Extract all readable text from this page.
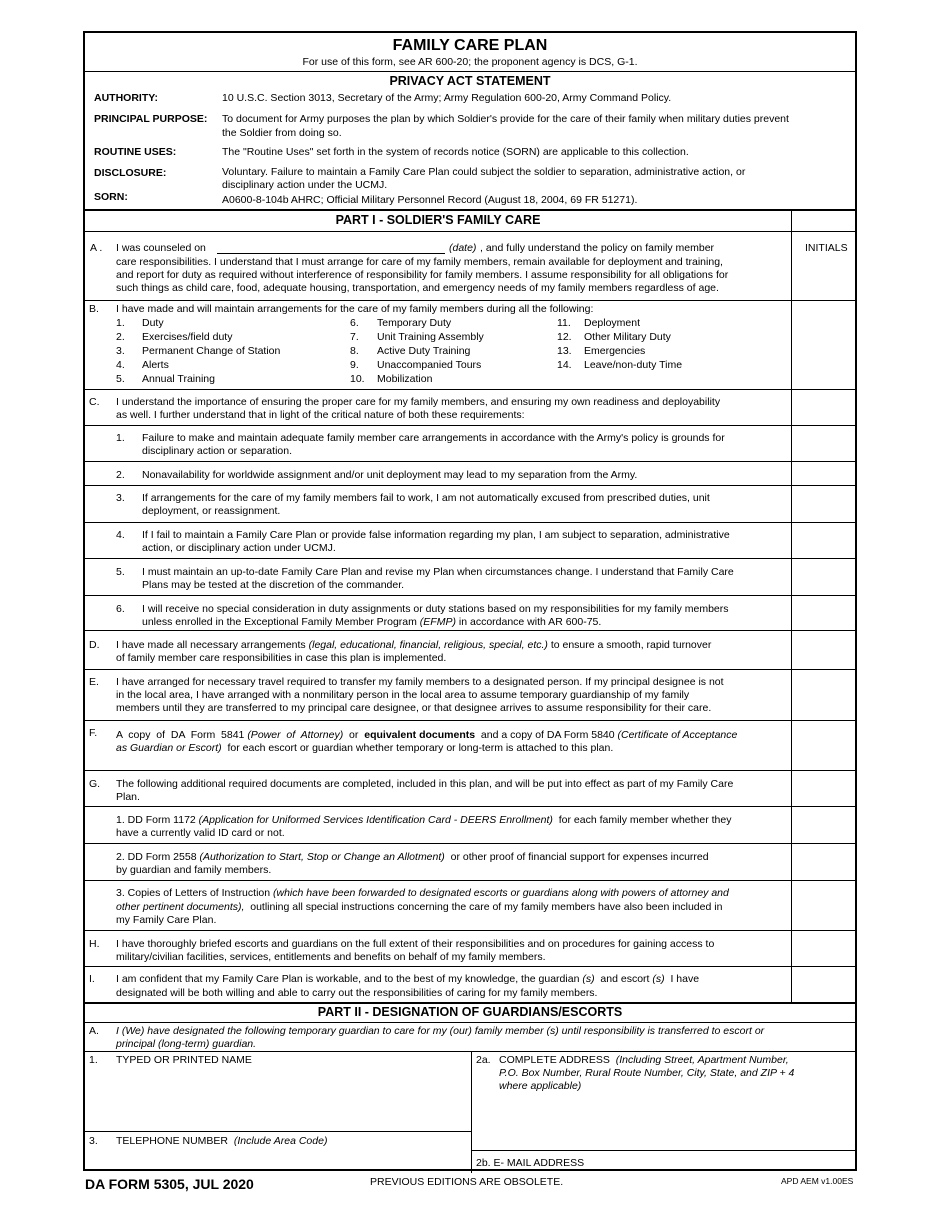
FAMILY CARE PLAN
For use of this form, see AR 600-20; the proponent agency is DCS, G-1.
PRIVACY ACT STATEMENT
AUTHORITY:	10 U.S.C. Section 3013, Secretary of the Army; Army Regulation 600-20, Army Command Policy.
PRINCIPAL PURPOSE: To document for Army purposes the plan by which Soldier's provide for the care of their family when military duties prevent
the Soldier from doing so.
ROUTINE USES:	The "Routine Uses" set forth in the system of records notice (SORN) are applicable to this collection.
DISCLOSURE:	Voluntary. Failure to maintain a Family Care Plan could subject the soldier to separation, administrative action, or
disciplinary action under the UCMJ.
SORN:	A0600-8-104b AHRC; Official Military Personnel Record (August 18, 2004, 69 FR 51271).
PART I - SOLDIER'S FAMILY CARE
A . I was counseled on	(date) , and fully understand the policy on family member
care responsibilities. I understand that I must arrange for care of my family members, remain available for deployment and training,
and report for duty as required without interference of responsibility for family members. I assume responsibility for all obligations for
such things as child care, food, adequate housing, transportation, and emergency needs of my family members regardless of age.
INITIALS
B. I have made and will maintain arrangements for the care of my family members during all the following:
1. Duty
2. Exercises/field duty
3. Permanent Change of Station
4. Alerts
5. Annual Training
6. Temporary Duty
7. Unit Training Assembly
8. Active Duty Training
9. Unaccompanied Tours
10. Mobilization
11. Deployment
12. Other Military Duty
13. Emergencies
14. Leave/non-duty Time
C. I understand the importance of ensuring the proper care for my family members, and ensuring my own readiness and deployability
as well. I further understand that in light of the critical nature of both these requirements:
1. Failure to make and maintain adequate family member care arrangements in accordance with the Army's policy is grounds for
disciplinary action or separation.
2. Nonavailability for worldwide assignment and/or unit deployment may lead to my separation from the Army.
3. If arrangements for the care of my family members fail to work, I am not automatically excused from prescribed duties, unit
deployment, or reassignment.
4. If I fail to maintain a Family Care Plan or provide false information regarding my plan, I am subject to separation, administrative
action, or disciplinary action under UCMJ.
5. I must maintain an up-to-date Family Care Plan and revise my Plan when circumstances change. I understand that Family Care
Plans may be tested at the discretion of the commander.
6. I will receive no special consideration in duty assignments or duty stations based on my responsibilities for my family members
unless enrolled in the Exceptional Family Member Program (EFMP) in accordance with AR 600-75.
D. I have made all necessary arrangements (legal, educational, financial, religious, special, etc.) to ensure a smooth, rapid turnover
of family member care responsibilities in case this plan is implemented.
E. I have arranged for necessary travel required to transfer my family members to a designated person. If my principal designee is not
in the local area, I have arranged with a nonmilitary person in the local area to assume temporary guardianship of my family
members until they are transferred to my principal care designee, or that designee arrives to assume responsibility for their care.
F. A  copy  of  DA  Form  5841 (Power  of  Attorney)  or  equivalent documents  and a copy of DA Form 5840 (Certificate of Acceptance
as Guardian or Escort)  for each escort or guardian whether temporary or long-term is attached to this plan.
G. The following additional required documents are completed, included in this plan, and will be put into effect as part of my Family Care
Plan.
1. DD Form 1172 (Application for Uniformed Services Identification Card - DEERS Enrollment)  for each family member whether they
have a currently valid ID card or not.
2. DD Form 2558 (Authorization to Start, Stop or Change an Allotment)  or other proof of financial support for expenses incurred
by guardian and family members.
3. Copies of Letters of Instruction (which have been forwarded to designated escorts or guardians along with powers of attorney and
other pertinent documents),  outlining all special instructions concerning the care of my family members have also been included in
my Family Care Plan.
H. I have thoroughly briefed escorts and guardians on the full extent of their responsibilities and on procedures for gaining access to
military/civilian facilities, services, entitlements and benefits on behalf of my family members.
I. I am confident that my Family Care Plan is workable, and to the best of my knowledge, the guardian (s)  and escort (s)  I have
designated will be both willing and able to carry out the responsibilities of caring for my family members.
PART II - DESIGNATION OF GUARDIANS/ESCORTS
A. I (We) have designated the following temporary guardian to care for my (our) family member (s) until responsibility is transferred to escort or
principal (long-term) guardian.
1. TYPED OR PRINTED NAME	2a. COMPLETE ADDRESS (Including Street, Apartment Number,
P.O. Box Number, Rural Route Number, City, State, and ZIP + 4
where applicable)
3. TELEPHONE NUMBER (Include Area Code)
2b. E- MAIL ADDRESS
DA FORM 5305, JUL 2020	PREVIOUS EDITIONS ARE OBSOLETE.	APD AEM v1.00ES
